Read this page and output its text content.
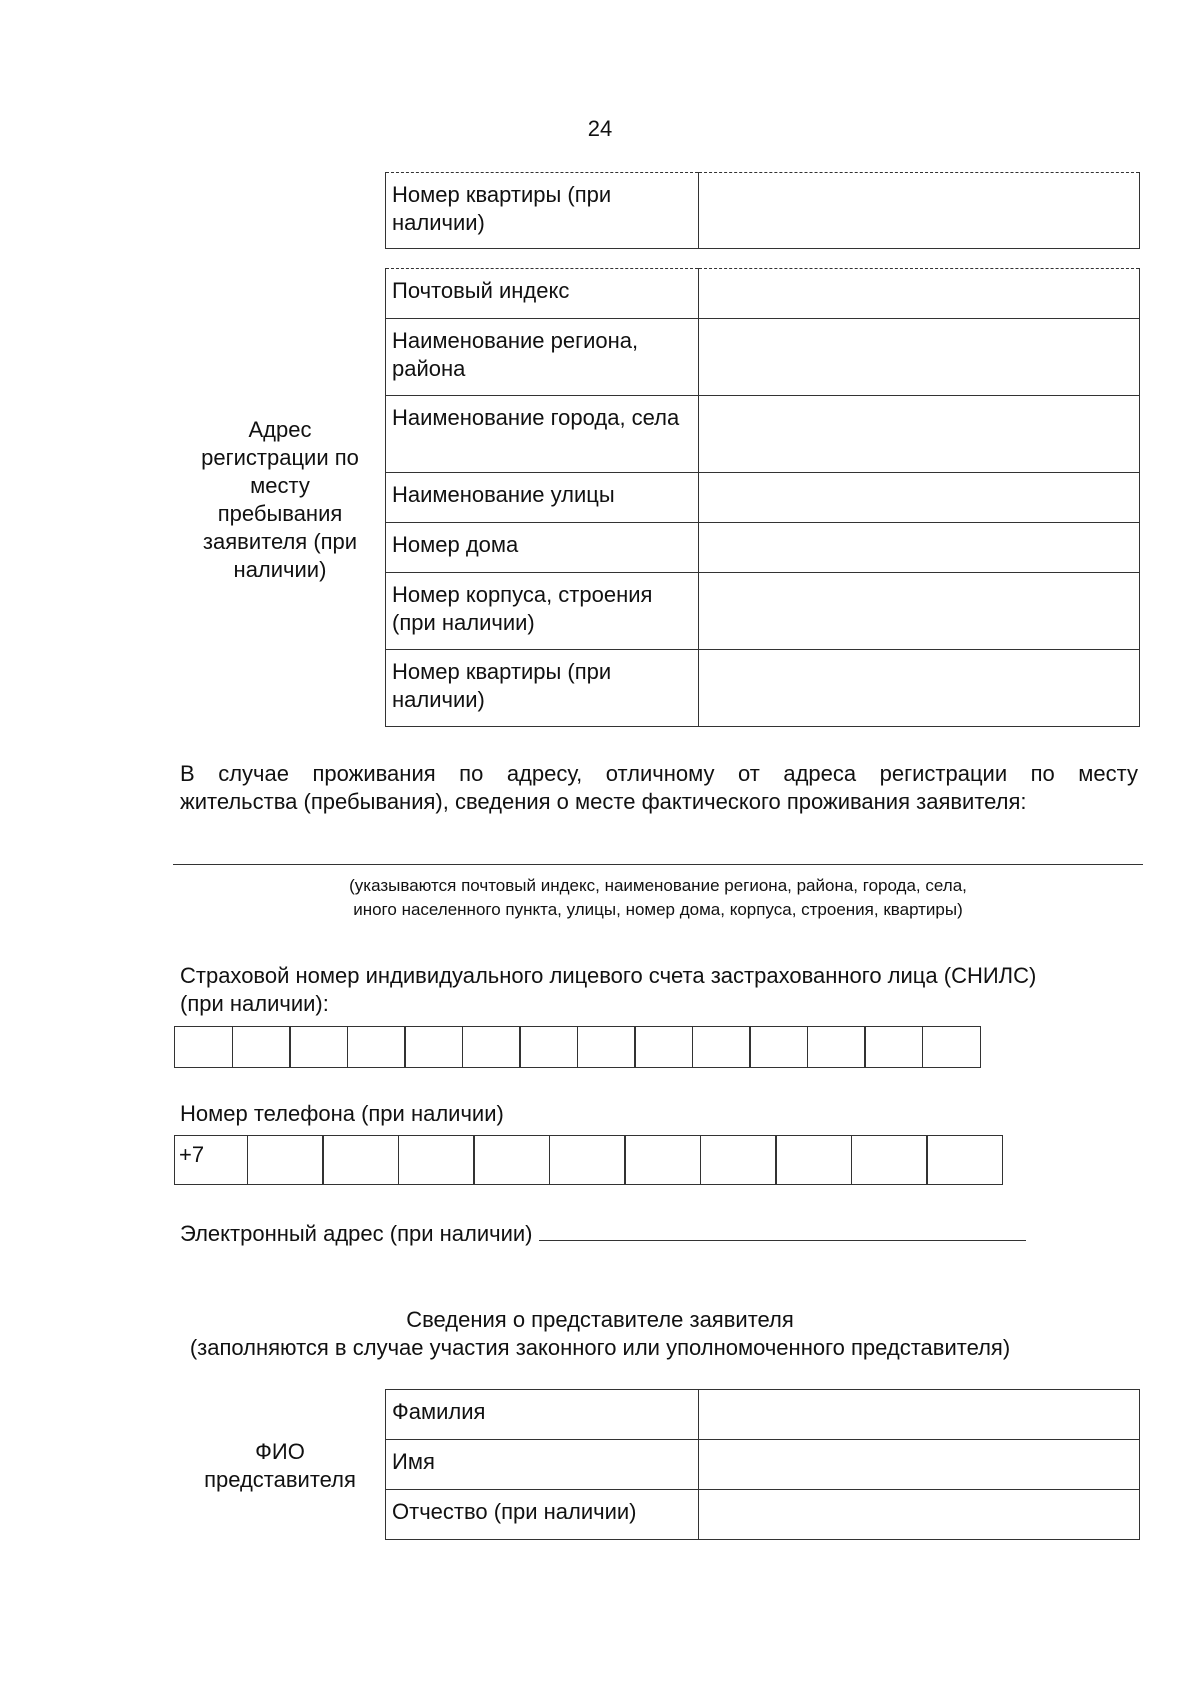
24
Номер квартиры (при наличии)	
Адрес регистрации по месту пребывания заявителя (при наличии)
Почтовый индекс	
Наименование региона, района	
Наименование города, села	
Наименование улицы	
Номер дома	
Номер корпуса, строения (при наличии)	
Номер квартиры (при наличии)	
В случае проживания по адресу, отличному от адреса регистрации по месту
жительства (пребывания), сведения о месте фактического проживания заявителя:
(указываются почтовый индекс, наименование региона, района, города, села,
иного населенного пункта, улицы, номер дома, корпуса, строения, квартиры)
Страховой номер индивидуального лицевого счета застрахованного лица (СНИЛС)
(при наличии):
Номер телефона (при наличии)
+7
Электронный адрес (при наличии)
Сведения о представителе заявителя
(заполняются в случае участия законного или уполномоченного представителя)
ФИО
представителя
Фамилия	
Имя	
Отчество (при наличии)	
